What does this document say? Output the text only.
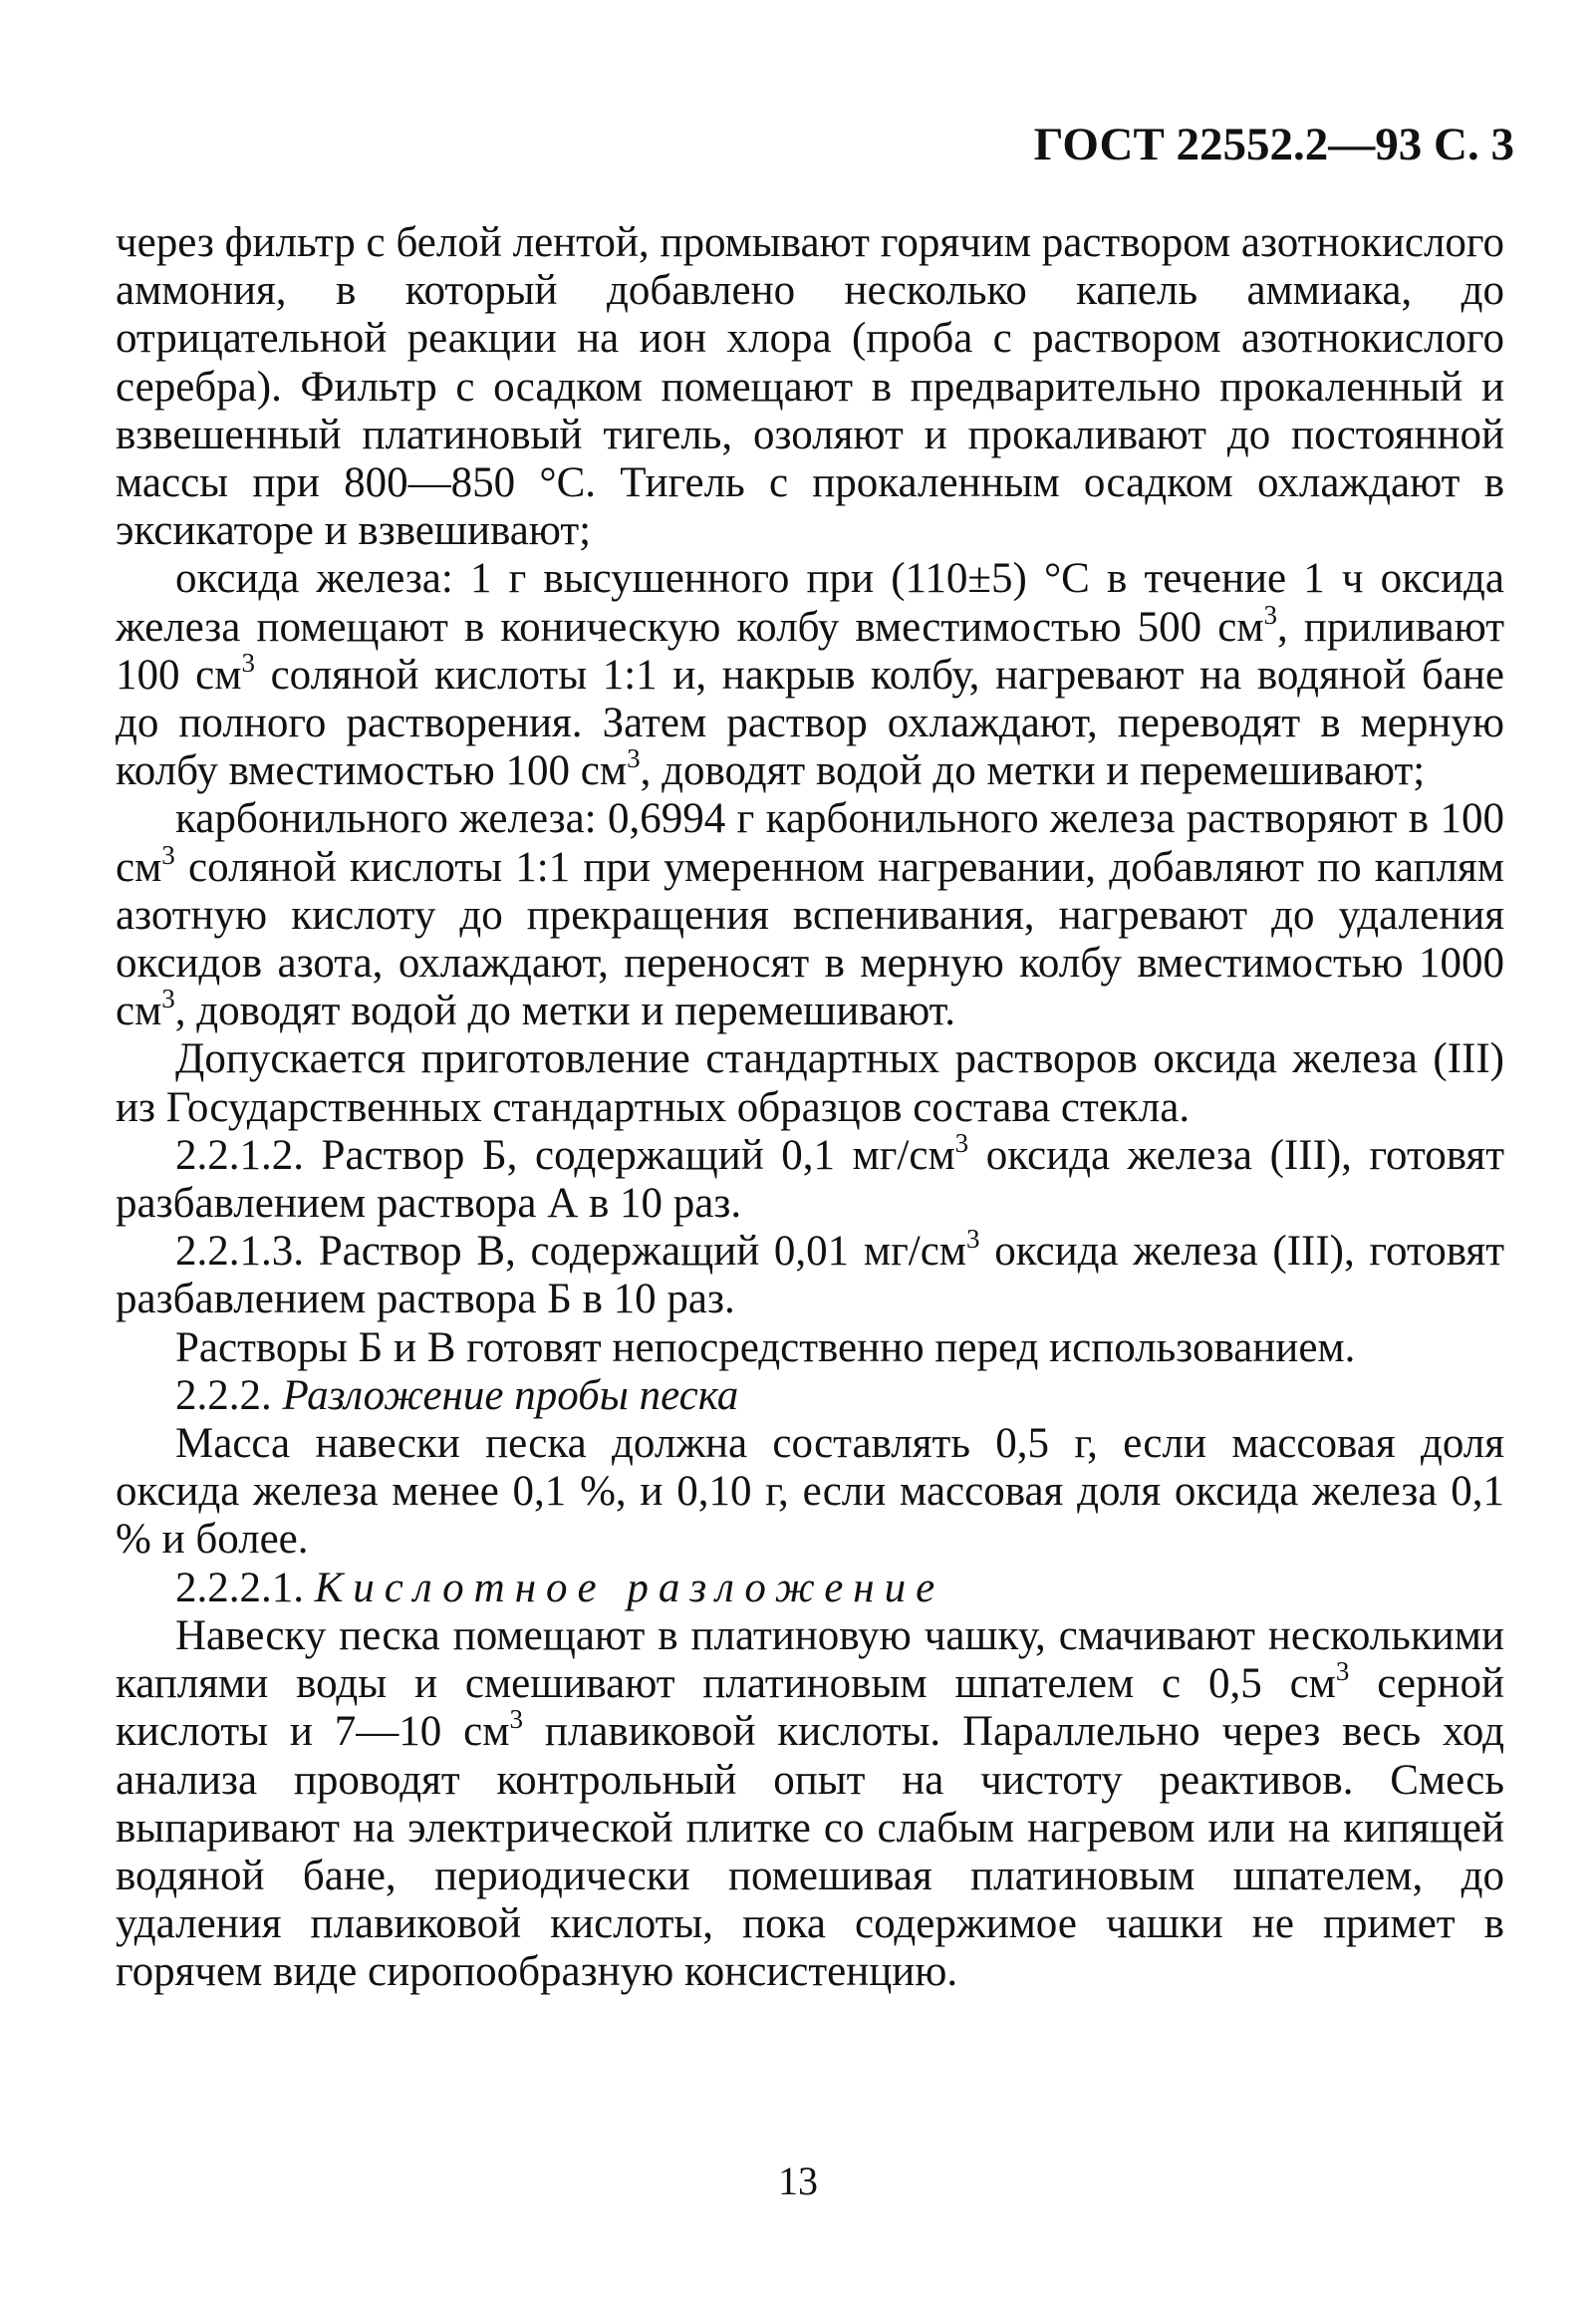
ГОСТ 22552.2—93 С. 3

через фильтр с белой лентой, промывают горячим раствором азотнокислого аммония, в который добавлено несколько капель аммиака, до отрицательной реакции на ион хлора (проба с раствором азотнокислого серебра). Фильтр с осадком помещают в предварительно прокаленный и взвешенный платиновый тигель, озоляют и прокаливают до постоянной массы при 800—850 °С. Тигель с прокаленным осадком охлаждают в эксикаторе и взвешивают;

оксида железа: 1 г высушенного при (110±5) °С в течение 1 ч оксида железа помещают в коническую колбу вместимостью 500 $см^3$, приливают 100 $см^3$ соляной кислоты 1:1 и, накрыв колбу, нагревают на водяной бане до полного растворения. Затем раствор охлаждают, переводят в мерную колбу вместимостью 100 $см^3$, доводят водой до метки и перемешивают;

карбонильного железа: 0,6994 г карбонильного железа растворяют в 100 $см^3$ соляной кислоты 1:1 при умеренном нагревании, добавляют по каплям азотную кислоту до прекращения вспенивания, нагревают до удаления оксидов азота, охлаждают, переносят в мерную колбу вместимостью 1000 $см^3$, доводят водой до метки и перемешивают.

Допускается приготовление стандартных растворов оксида железа (III) из Государственных стандартных образцов состава стекла.

2.2.1.2. Раствор Б, содержащий 0,1 $мг/см^3$ оксида железа (III), готовят разбавлением раствора А в 10 раз.

2.2.1.3. Раствор В, содержащий 0,01 $мг/см^3$ оксида железа (III), готовят разбавлением раствора Б в 10 раз.

Растворы Б и В готовят непосредственно перед использованием.

2.2.2. Разложение пробы песка

Масса навески песка должна составлять 0,5 г, если массовая доля оксида железа менее 0,1 %, и 0,10 г, если массовая доля оксида железа 0,1 % и более.

2.2.2.1. Кислотное разложение

Навеску песка помещают в платиновую чашку, смачивают несколькими каплями воды и смешивают платиновым шпателем с 0,5 $см^3$ серной кислоты и 7—10 $см^3$ плавиковой кислоты. Параллельно через весь ход анализа проводят контрольный опыт на чистоту реактивов. Смесь выпаривают на электрической плитке со слабым нагревом или на кипящей водяной бане, периодически помешивая платиновым шпателем, до удаления плавиковой кислоты, пока содержимое чашки не примет в горячем виде сиропообразную консистенцию.

13
